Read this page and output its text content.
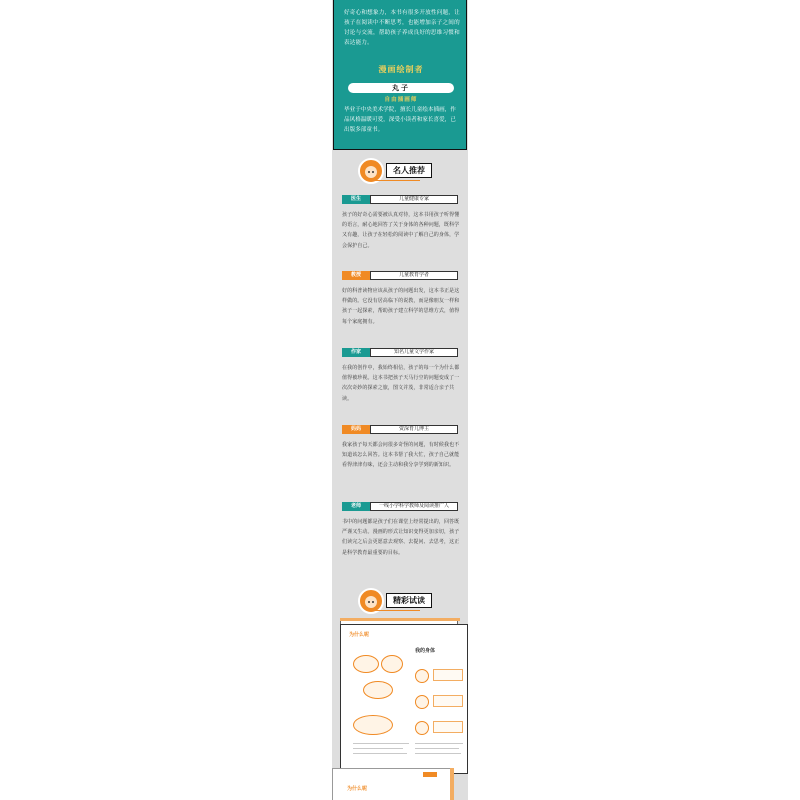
好奇心和想象力，本书有很多开放性问题，让孩子在阅读中不断思考，也能增加亲子之间的讨论与交流，帮助孩子养成良好的思维习惯和表达能力。
漫画绘制者
丸子
自由插画师
毕业于中央美术学院，擅长儿童绘本插画，作品风格温暖可爱，深受小读者和家长喜爱，已出版多部童书。
名人推荐
医生	儿童健康专家
孩子的好奇心需要被认真对待，这本书用孩子听得懂的语言，耐心地回答了关于身体的各种问题，既科学又有趣，让孩子在轻松的阅读中了解自己的身体，学会保护自己。
教授	儿童教育学者
好的科普读物应该从孩子的问题出发，这本书正是这样做的。它没有居高临下的说教，而是像朋友一样和孩子一起探索，帮助孩子建立科学的思维方式，值得每个家庭拥有。
作家	知名儿童文学作家
在我的创作中，我始终相信，孩子的每一个为什么都值得被珍视。这本书把孩子天马行空的问题变成了一次次奇妙的探索之旅，图文并茂，非常适合亲子共读。
妈妈	资深育儿博主
我家孩子每天都会问很多奇怪的问题，有时候我也不知道该怎么回答。这本书帮了我大忙，孩子自己就能看得津津有味，还会主动和我分享学到的新知识。
老师	一线小学科学教师及阅读推广人
书中的问题都是孩子们在课堂上经常提出的，回答既严谨又生动。漫画的形式让知识变得更加亲切，孩子们读完之后会更愿意去观察、去提问、去思考，这正是科学教育最重要的目标。
精彩试读
为什么呢
我的身体
为什么呢
